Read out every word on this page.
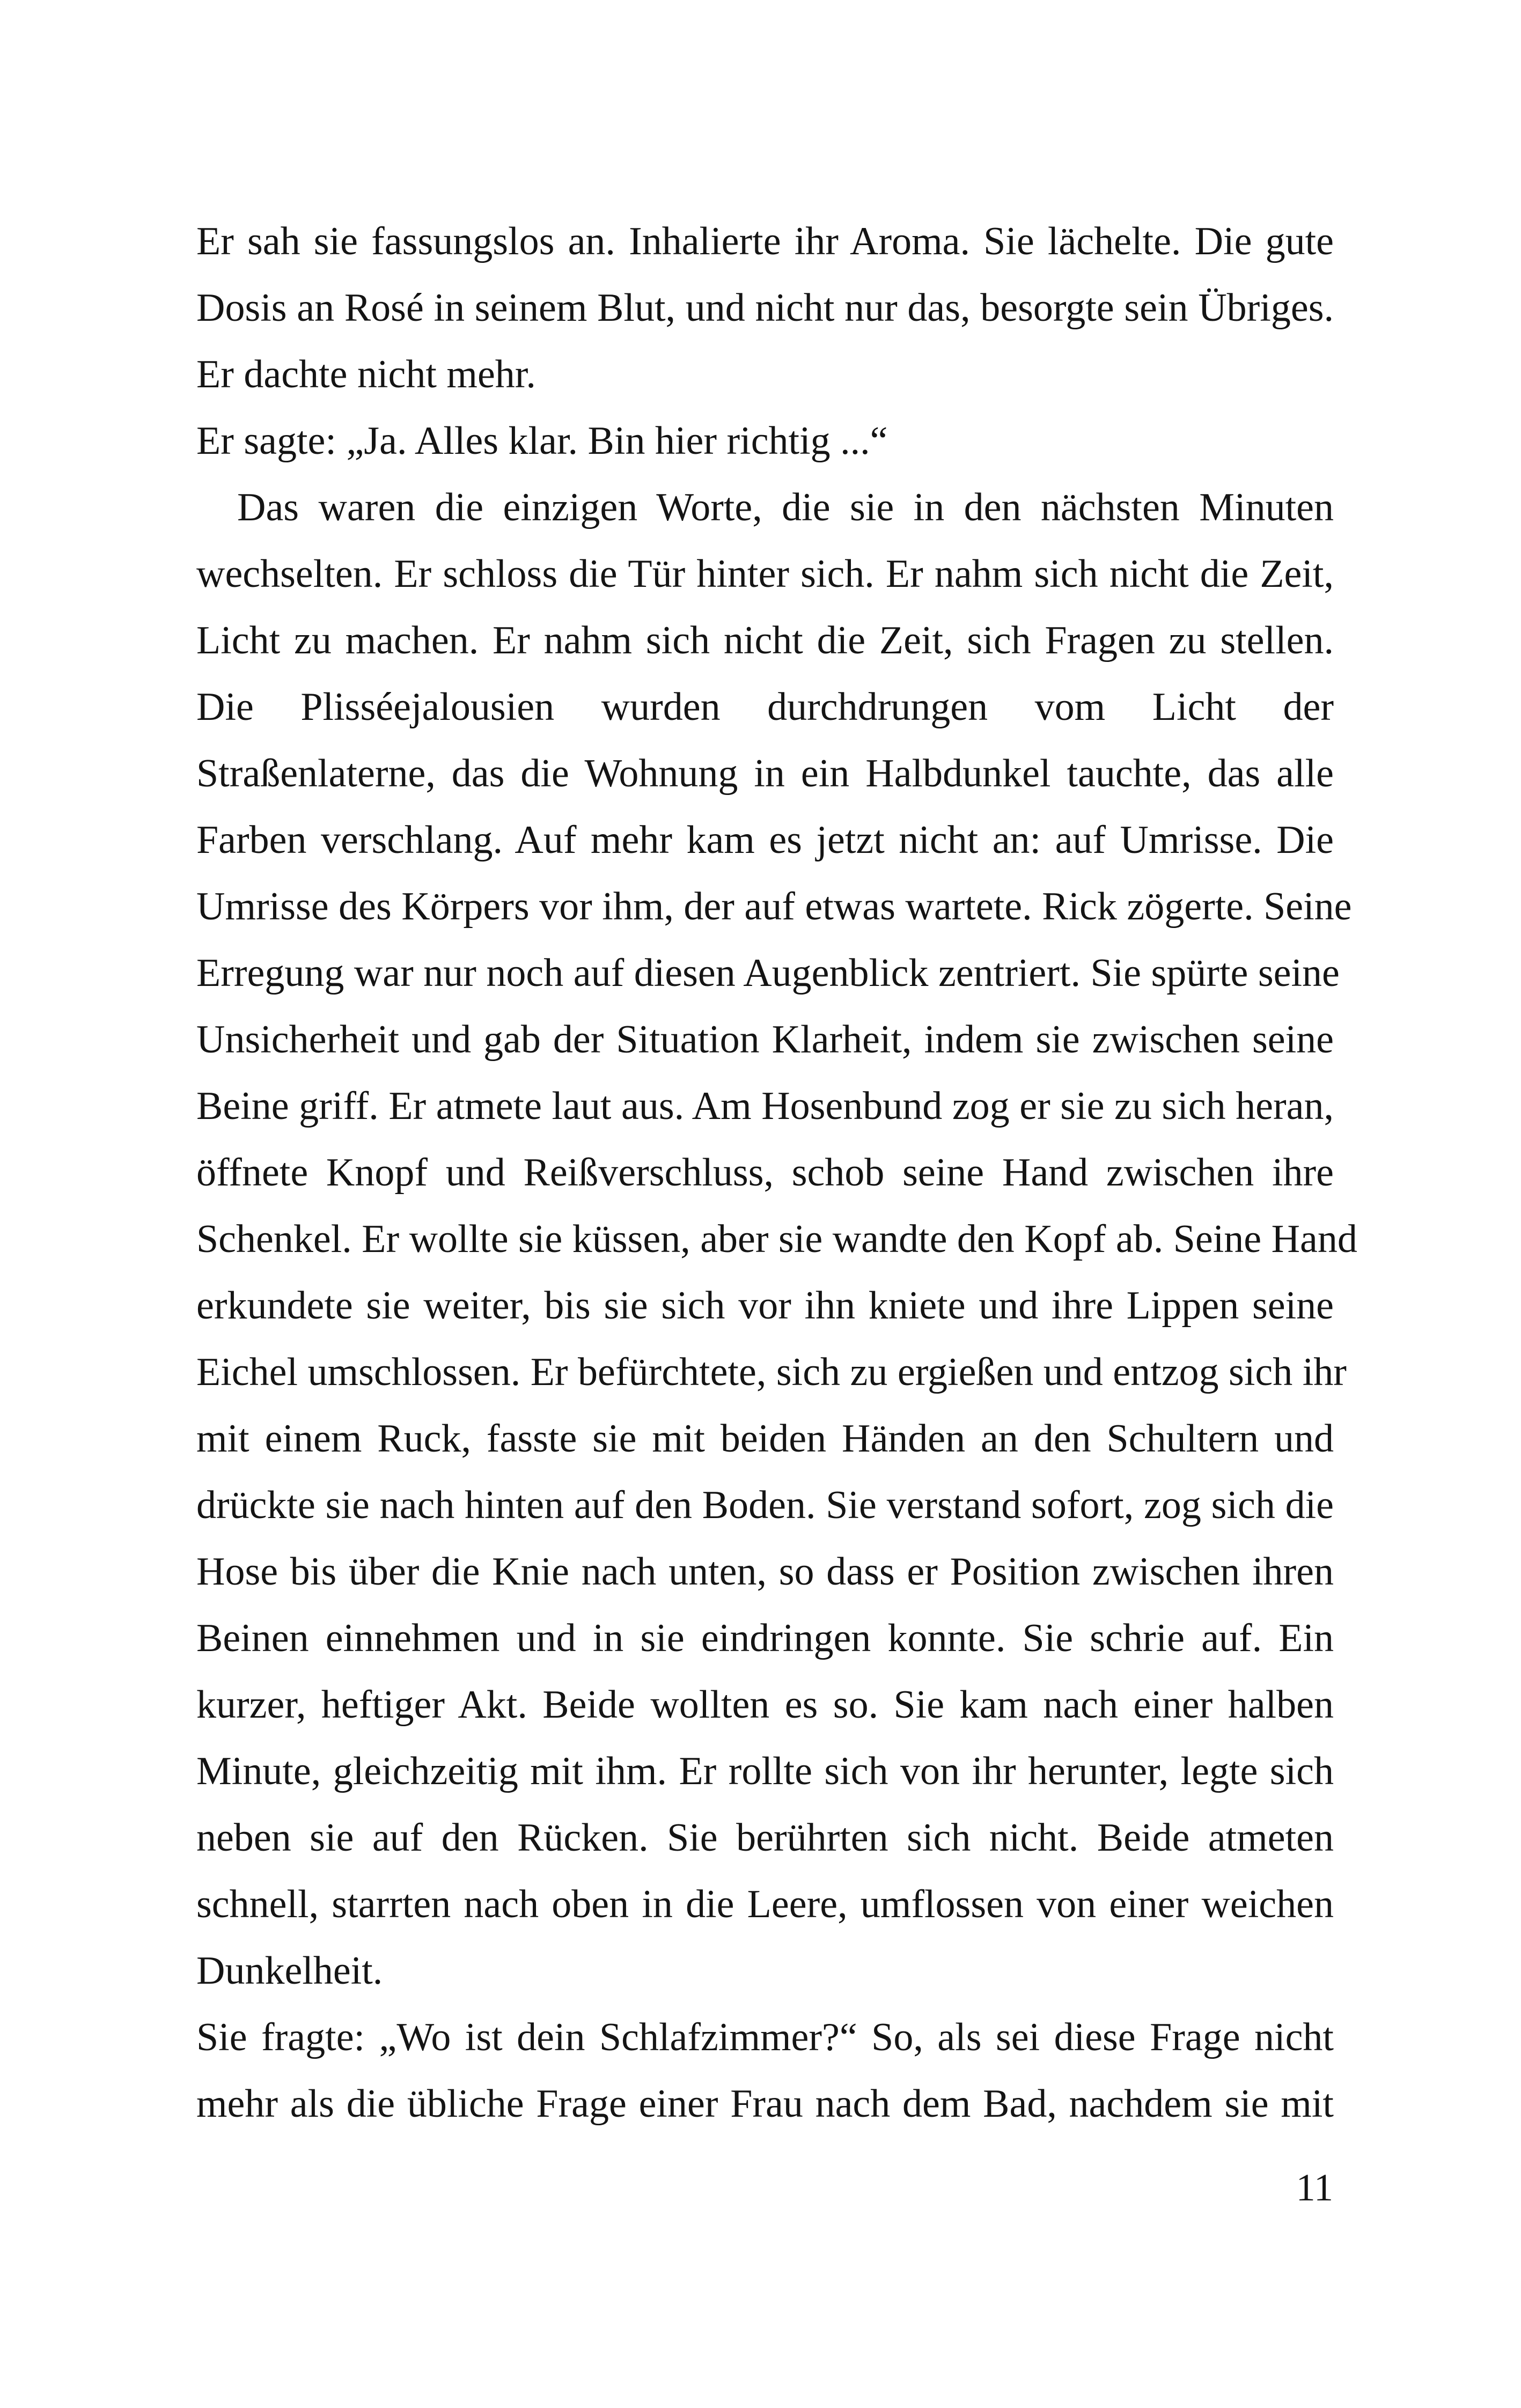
Er sah sie fassungslos an. Inhalierte ihr Aroma. Sie lächelte. Die gute
Dosis an Rosé in seinem Blut, und nicht nur das, besorgte sein Übriges.
Er dachte nicht mehr.
Er sagte: „Ja. Alles klar. Bin hier richtig ...“
Das waren die einzigen Worte, die sie in den nächsten Minuten
wechselten. Er schloss die Tür hinter sich. Er nahm sich nicht die Zeit,
Licht zu machen. Er nahm sich nicht die Zeit, sich Fragen zu stellen.
Die Plisséejalousien wurden durchdrungen vom Licht der
Straßenlaterne, das die Wohnung in ein Halbdunkel tauchte, das alle
Farben verschlang. Auf mehr kam es jetzt nicht an: auf Umrisse. Die
Umrisse des Körpers vor ihm, der auf etwas wartete. Rick zögerte. Seine
Erregung war nur noch auf diesen Augenblick zentriert. Sie spürte seine
Unsicherheit und gab der Situation Klarheit, indem sie zwischen seine
Beine griff. Er atmete laut aus. Am Hosenbund zog er sie zu sich heran,
öffnete Knopf und Reißverschluss, schob seine Hand zwischen ihre
Schenkel. Er wollte sie küssen, aber sie wandte den Kopf ab. Seine Hand
erkundete sie weiter, bis sie sich vor ihn kniete und ihre Lippen seine
Eichel umschlossen. Er befürchtete, sich zu ergießen und entzog sich ihr
mit einem Ruck, fasste sie mit beiden Händen an den Schultern und
drückte sie nach hinten auf den Boden. Sie verstand sofort, zog sich die
Hose bis über die Knie nach unten, so dass er Position zwischen ihren
Beinen einnehmen und in sie eindringen konnte. Sie schrie auf. Ein
kurzer, heftiger Akt. Beide wollten es so. Sie kam nach einer halben
Minute, gleichzeitig mit ihm. Er rollte sich von ihr herunter, legte sich
neben sie auf den Rücken. Sie berührten sich nicht. Beide atmeten
schnell, starrten nach oben in die Leere, umflossen von einer weichen
Dunkelheit.
Sie fragte: „Wo ist dein Schlafzimmer?“ So, als sei diese Frage nicht
mehr als die übliche Frage einer Frau nach dem Bad, nachdem sie mit
11
